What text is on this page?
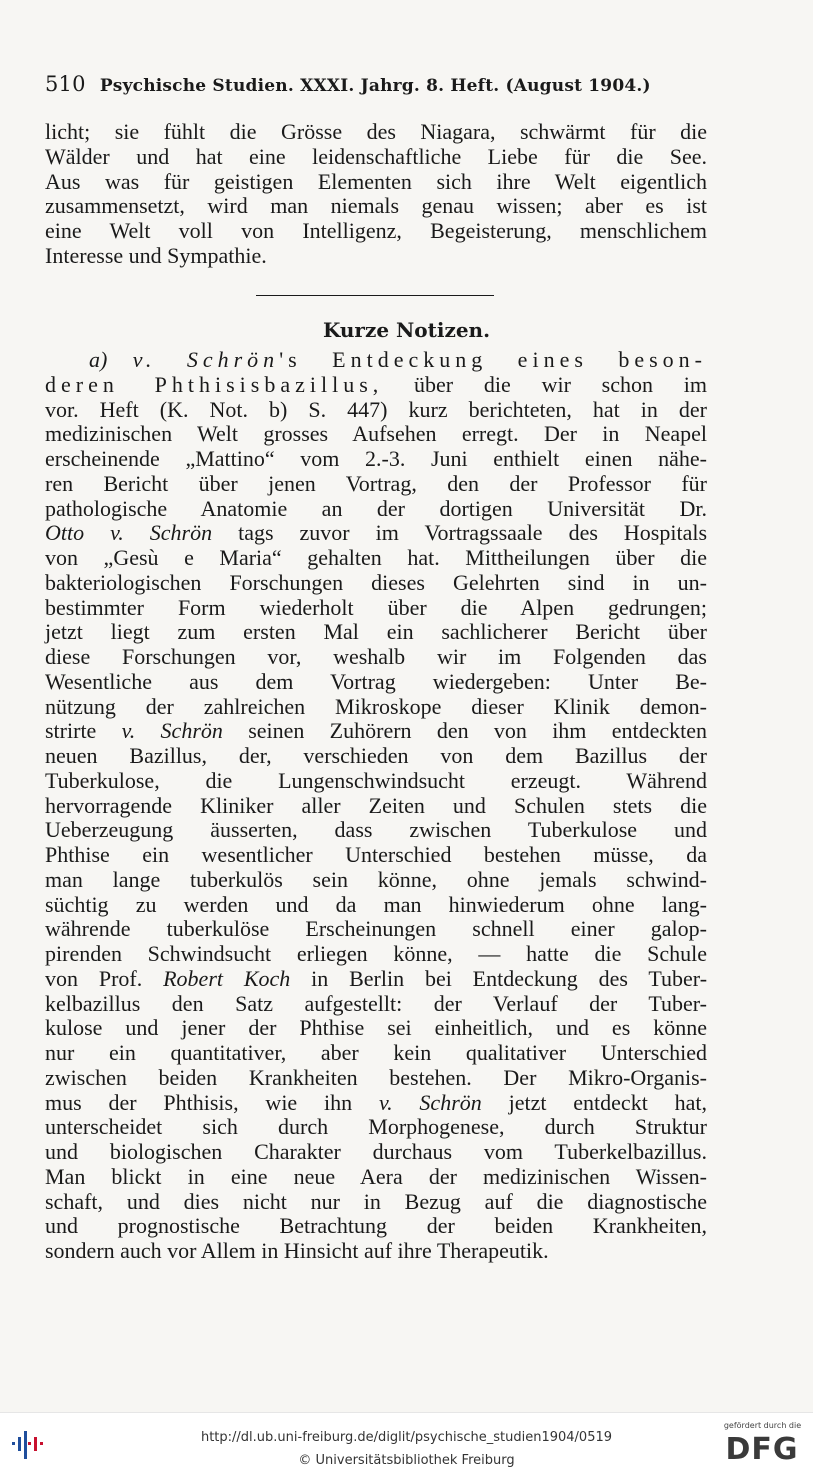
510 Psychische Studien. XXXI. Jahrg. 8. Heft. (August 1904.)
licht; sie fühlt die Grösse des Niagara, schwärmt für die
Wälder und hat eine leidenschaftliche Liebe für die See.
Aus was für geistigen Elementen sich ihre Welt eigentlich
zusammensetzt, wird man niemals genau wissen; aber es ist
eine Welt voll von Intelligenz, Begeisterung, menschlichem
Interesse und Sympathie.
Kurze Notizen.
a) v. Schrön's Entdeckung eines beson-
deren Phthisisbazillus, über die wir schon im
vor. Heft (K. Not. b) S. 447) kurz berichteten, hat in der
medizinischen Welt grosses Aufsehen erregt. Der in Neapel
erscheinende „Mattino“ vom 2.-3. Juni enthielt einen nähe-
ren Bericht über jenen Vortrag, den der Professor für
pathologische Anatomie an der dortigen Universität Dr.
Otto v. Schrön tags zuvor im Vortragssaale des Hospitals
von „Gesù e Maria“ gehalten hat. Mittheilungen über die
bakteriologischen Forschungen dieses Gelehrten sind in un-
bestimmter Form wiederholt über die Alpen gedrungen;
jetzt liegt zum ersten Mal ein sachlicherer Bericht über
diese Forschungen vor, weshalb wir im Folgenden das
Wesentliche aus dem Vortrag wiedergeben: Unter Be-
nützung der zahlreichen Mikroskope dieser Klinik demon-
strirte v. Schrön seinen Zuhörern den von ihm entdeckten
neuen Bazillus, der, verschieden von dem Bazillus der
Tuberkulose, die Lungenschwindsucht erzeugt. Während
hervorragende Kliniker aller Zeiten und Schulen stets die
Ueberzeugung äusserten, dass zwischen Tuberkulose und
Phthise ein wesentlicher Unterschied bestehen müsse, da
man lange tuberkulös sein könne, ohne jemals schwind-
süchtig zu werden und da man hinwiederum ohne lang-
währende tuberkulöse Erscheinungen schnell einer galop-
pirenden Schwindsucht erliegen könne, — hatte die Schule
von Prof. Robert Koch in Berlin bei Entdeckung des Tuber-
kelbazillus den Satz aufgestellt: der Verlauf der Tuber-
kulose und jener der Phthise sei einheitlich, und es könne
nur ein quantitativer, aber kein qualitativer Unterschied
zwischen beiden Krankheiten bestehen. Der Mikro-Organis-
mus der Phthisis, wie ihn v. Schrön jetzt entdeckt hat,
unterscheidet sich durch Morphogenese, durch Struktur
und biologischen Charakter durchaus vom Tuberkelbazillus.
Man blickt in eine neue Aera der medizinischen Wissen-
schaft, und dies nicht nur in Bezug auf die diagnostische
und prognostische Betrachtung der beiden Krankheiten,
sondern auch vor Allem in Hinsicht auf ihre Therapeutik.
http://dl.ub.uni-freiburg.de/diglit/psychische_studien1904/0519
© Universitätsbibliothek Freiburg
gefördert durch die
DFG
